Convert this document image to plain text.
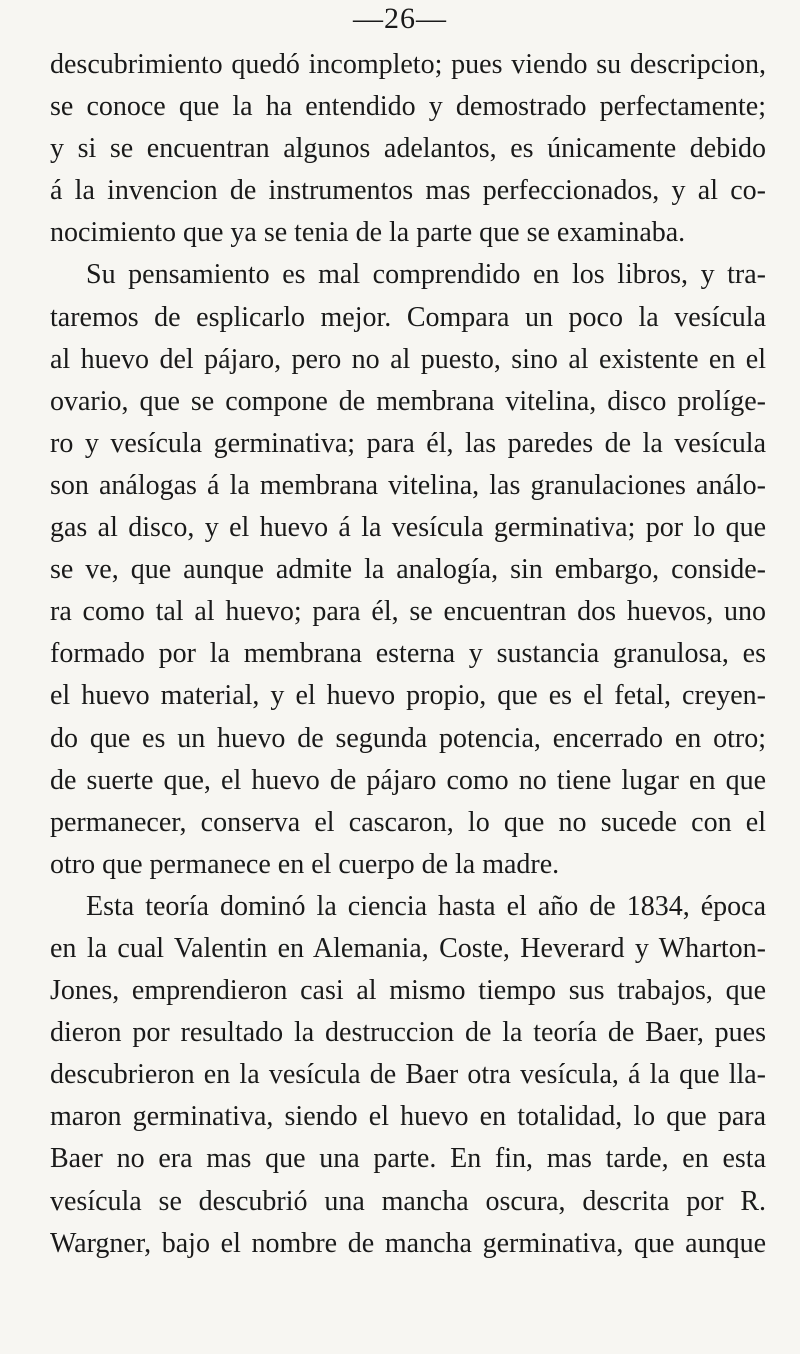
—26—
descubrimiento quedó incompleto; pues viendo su descripcion,
se conoce que la ha entendido y demostrado perfectamente;
y si se encuentran algunos adelantos, es únicamente debido
á la invencion de instrumentos mas perfeccionados, y al co-
nocimiento que ya se tenia de la parte que se examinaba.
Su pensamiento es mal comprendido en los libros, y tra-
taremos de esplicarlo mejor. Compara un poco la vesícula
al huevo del pájaro, pero no al puesto, sino al existente en el
ovario, que se compone de membrana vitelina, disco prolíge-
ro y vesícula germinativa; para él, las paredes de la vesícula
son análogas á la membrana vitelina, las granulaciones análo-
gas al disco, y el huevo á la vesícula germinativa; por lo que
se ve, que aunque admite la analogía, sin embargo, conside-
ra como tal al huevo; para él, se encuentran dos huevos, uno
formado por la membrana esterna y sustancia granulosa, es
el huevo material, y el huevo propio, que es el fetal, creyen-
do que es un huevo de segunda potencia, encerrado en otro;
de suerte que, el huevo de pájaro como no tiene lugar en que
permanecer, conserva el cascaron, lo que no sucede con el
otro que permanece en el cuerpo de la madre.
Esta teoría dominó la ciencia hasta el año de 1834, época
en la cual Valentin en Alemania, Coste, Heverard y Wharton-
Jones, emprendieron casi al mismo tiempo sus trabajos, que
dieron por resultado la destruccion de la teoría de Baer, pues
descubrieron en la vesícula de Baer otra vesícula, á la que lla-
maron germinativa, siendo el huevo en totalidad, lo que para
Baer no era mas que una parte. En fin, mas tarde, en esta
vesícula se descubrió una mancha oscura, descrita por R.
Wargner, bajo el nombre de mancha germinativa, que aunque
